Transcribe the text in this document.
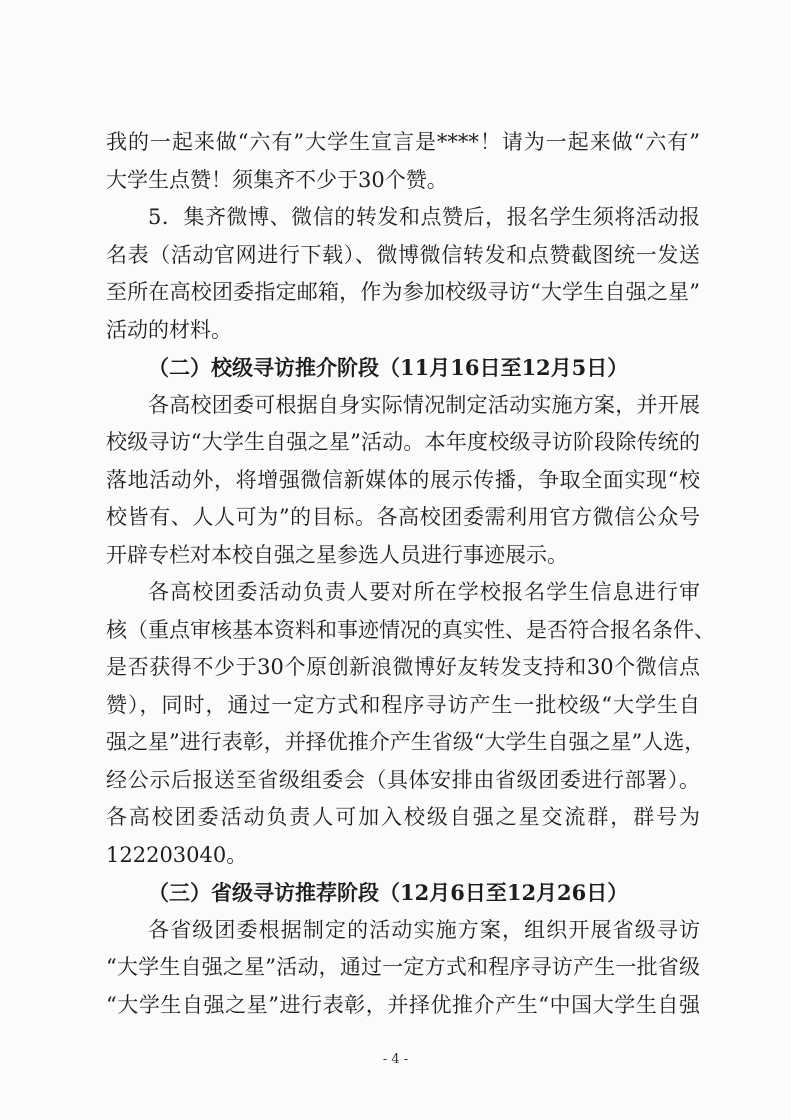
我的一起来做“六有”大学生宣言是****！请为一起来做“六有”
大学生点赞！须集齐不少于30个赞。
5．集齐微博、微信的转发和点赞后，报名学生须将活动报
名表（活动官网进行下载）、微博微信转发和点赞截图统一发送
至所在高校团委指定邮箱，作为参加校级寻访“大学生自强之星”
活动的材料。
（二）校级寻访推介阶段（11月16日至12月5日）
各高校团委可根据自身实际情况制定活动实施方案，并开展
校级寻访“大学生自强之星”活动。本年度校级寻访阶段除传统的
落地活动外，将增强微信新媒体的展示传播，争取全面实现“校
校皆有、人人可为”的目标。各高校团委需利用官方微信公众号
开辟专栏对本校自强之星参选人员进行事迹展示。
各高校团委活动负责人要对所在学校报名学生信息进行审
核（重点审核基本资料和事迹情况的真实性、是否符合报名条件、
是否获得不少于30个原创新浪微博好友转发支持和30个微信点
赞），同时，通过一定方式和程序寻访产生一批校级“大学生自
强之星”进行表彰，并择优推介产生省级“大学生自强之星”人选，
经公示后报送至省级组委会（具体安排由省级团委进行部署）。
各高校团委活动负责人可加入校级自强之星交流群，群号为
122203040。
（三）省级寻访推荐阶段（12月6日至12月26日）
各省级团委根据制定的活动实施方案，组织开展省级寻访
“大学生自强之星”活动，通过一定方式和程序寻访产生一批省级
“大学生自强之星”进行表彰，并择优推介产生“中国大学生自强
- 4 -
